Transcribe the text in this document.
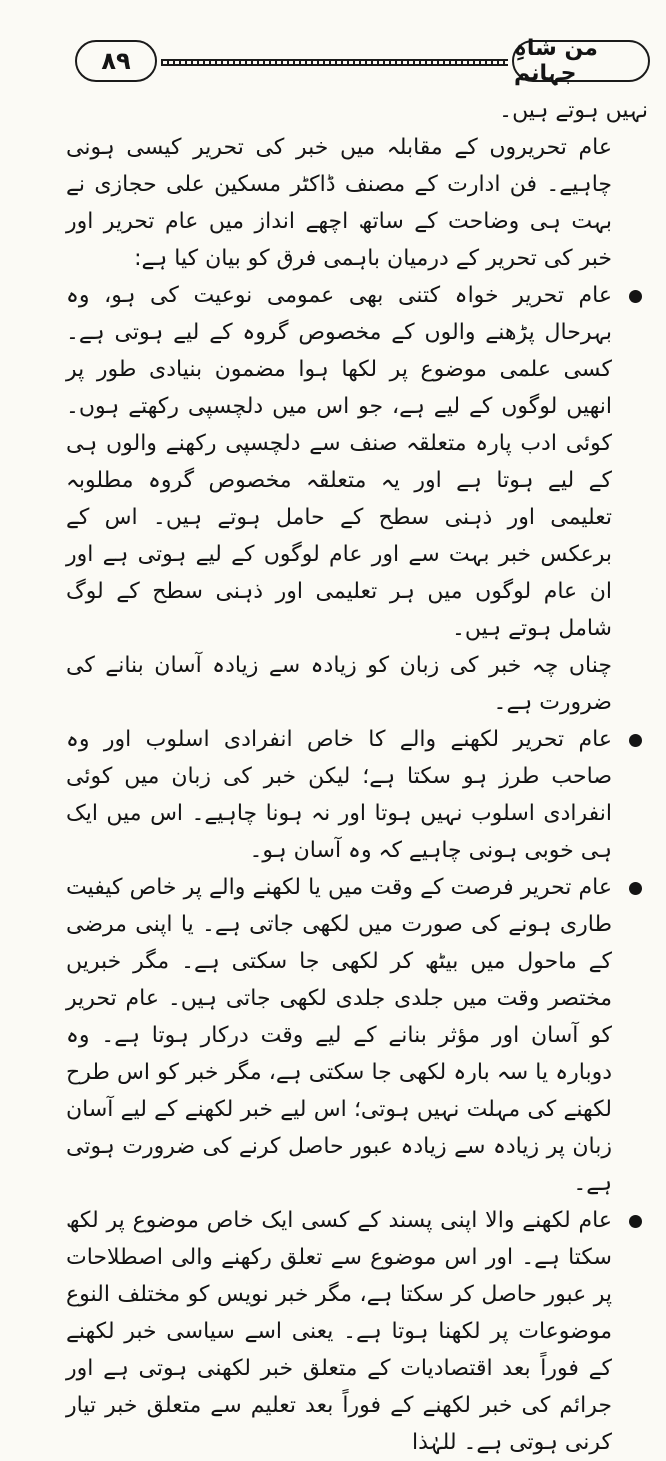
۸۹	من شاہِ جہانم

نہیں ہوتے ہیں۔

عام تحریروں کے مقابلہ میں خبر کی تحریر کیسی ہونی چاہیے۔ فن ادارت کے مصنف ڈاکٹر مسکین علی حجازی نے بہت ہی وضاحت کے ساتھ اچھے انداز میں عام تحریر اور خبر کی تحریر کے درمیان باہمی فرق کو بیان کیا ہے:

عام تحریر خواہ کتنی بھی عمومی نوعیت کی ہو، وہ بہرحال پڑھنے والوں کے مخصوص گروہ کے لیے ہوتی ہے۔ کسی علمی موضوع پر لکھا ہوا مضمون بنیادی طور پر انھیں لوگوں کے لیے ہے، جو اس میں دلچسپی رکھتے ہوں۔ کوئی ادب پارہ متعلقہ صنف سے دلچسپی رکھنے والوں ہی کے لیے ہوتا ہے اور یہ متعلقہ مخصوص گروہ مطلوبہ تعلیمی اور ذہنی سطح کے حامل ہوتے ہیں۔ اس کے برعکس خبر بہت سے اور عام لوگوں کے لیے ہوتی ہے اور ان عام لوگوں میں ہر تعلیمی اور ذہنی سطح کے لوگ شامل ہوتے ہیں۔
چناں چہ خبر کی زبان کو زیادہ سے زیادہ آسان بنانے کی ضرورت ہے۔
عام تحریر لکھنے والے کا خاص انفرادی اسلوب اور وہ صاحب طرز ہو سکتا ہے؛ لیکن خبر کی زبان میں کوئی انفرادی اسلوب نہیں ہوتا اور نہ ہونا چاہیے۔ اس میں ایک ہی خوبی ہونی چاہیے کہ وہ آسان ہو۔
عام تحریر فرصت کے وقت میں یا لکھنے والے پر خاص کیفیت طاری ہونے کی صورت میں لکھی جاتی ہے۔ یا اپنی مرضی کے ماحول میں بیٹھ کر لکھی جا سکتی ہے۔ مگر خبریں مختصر وقت میں جلدی جلدی لکھی جاتی ہیں۔ عام تحریر کو آسان اور مؤثر بنانے کے لیے وقت درکار ہوتا ہے۔ وہ دوبارہ یا سہ بارہ لکھی جا سکتی ہے، مگر خبر کو اس طرح لکھنے کی مہلت نہیں ہوتی؛ اس لیے خبر لکھنے کے لیے آسان زبان پر زیادہ سے زیادہ عبور حاصل کرنے کی ضرورت ہوتی ہے۔
عام لکھنے والا اپنی پسند کے کسی ایک خاص موضوع پر لکھ سکتا ہے۔ اور اس موضوع سے تعلق رکھنے والی اصطلاحات پر عبور حاصل کر سکتا ہے، مگر خبر نویس کو مختلف النوع موضوعات پر لکھنا ہوتا ہے۔ یعنی اسے سیاسی خبر لکھنے کے فوراً بعد اقتصادیات کے متعلق خبر لکھنی ہوتی ہے اور جرائم کی خبر لکھنے کے فوراً بعد تعلیم سے متعلق خبر تیار کرنی ہوتی ہے۔ للہٰذا
